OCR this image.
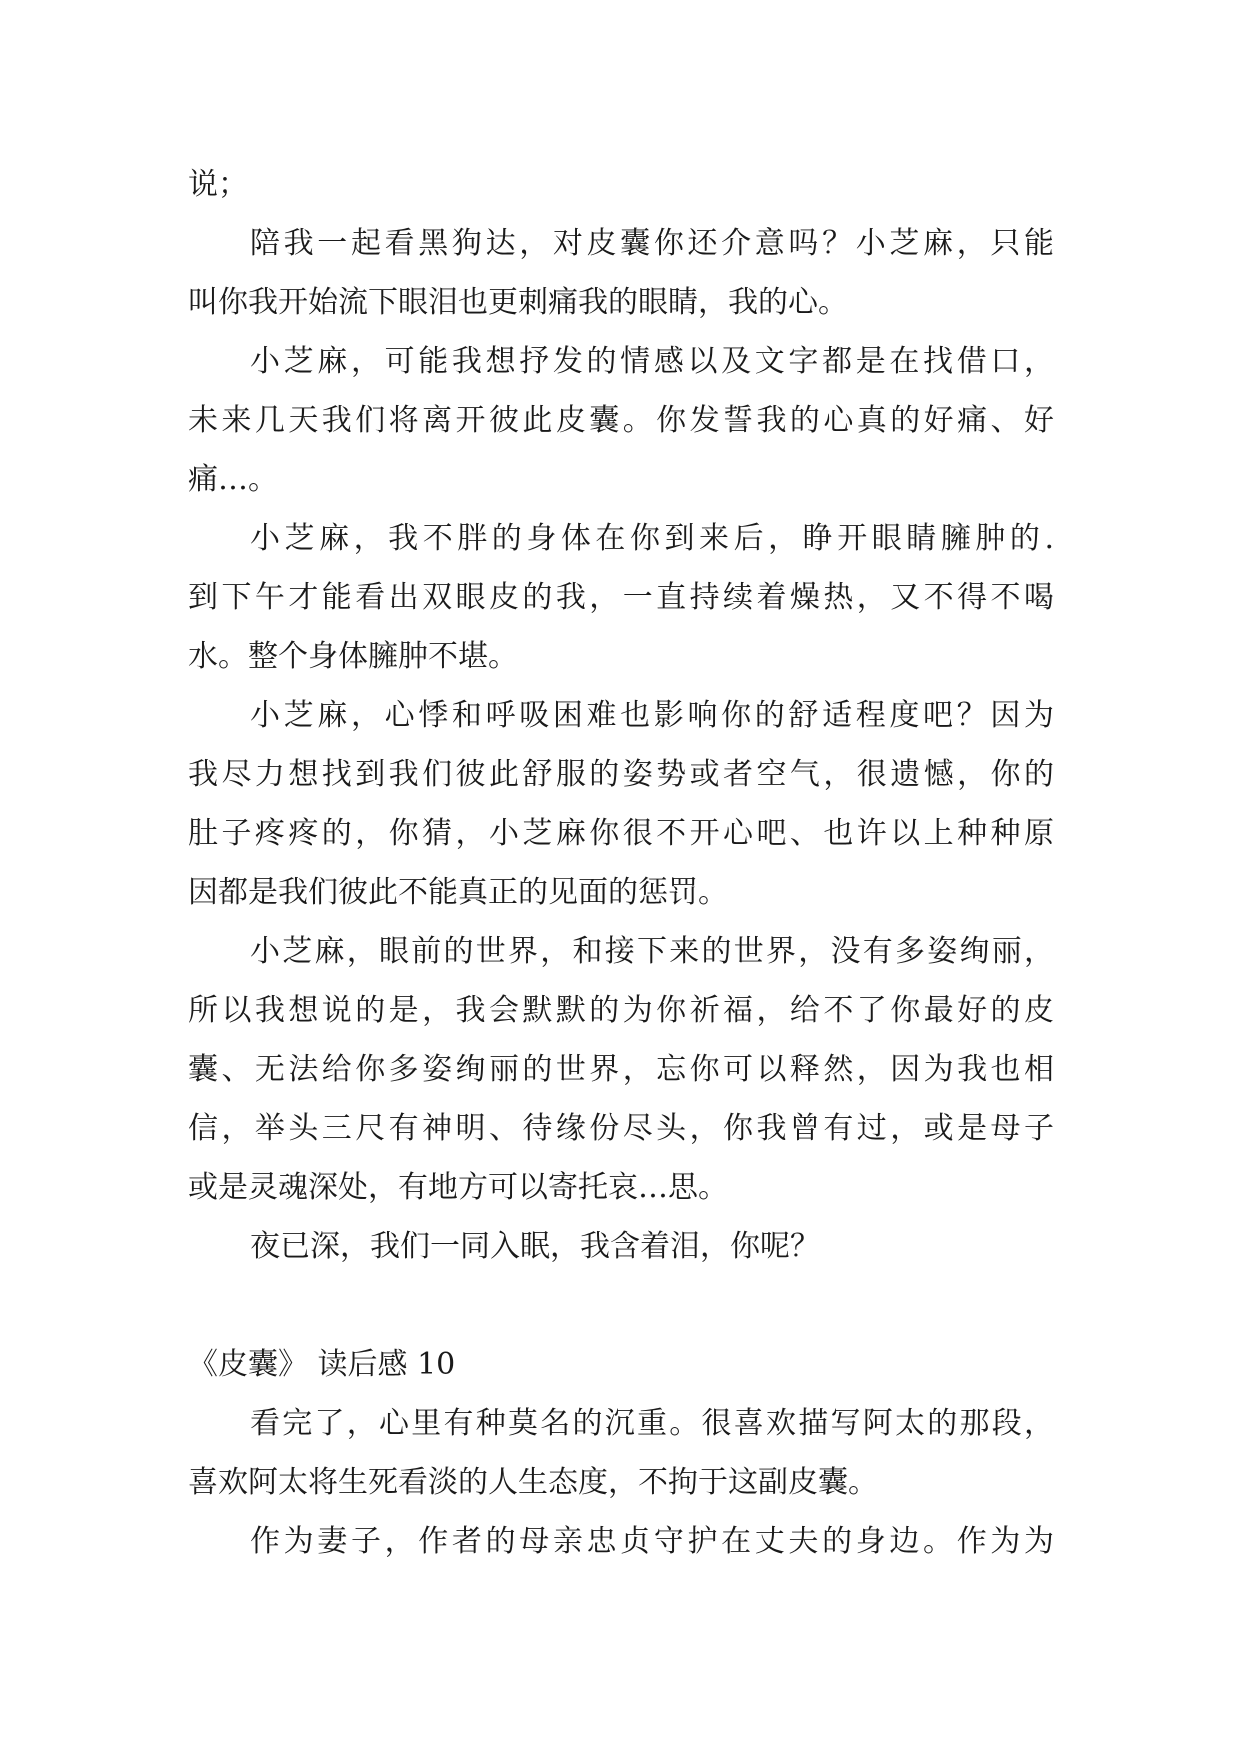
说；
陪我一起看黑狗达，对皮囊你还介意吗？小芝麻，只能
叫你我开始流下眼泪也更刺痛我的眼睛，我的心。
小芝麻，可能我想抒发的情感以及文字都是在找借口，
未来几天我们将离开彼此皮囊。你发誓我的心真的好痛、好
痛…。
小芝麻，我不胖的身体在你到来后，睁开眼睛臃肿的.
到下午才能看出双眼皮的我，一直持续着燥热，又不得不喝
水。整个身体臃肿不堪。
小芝麻，心悸和呼吸困难也影响你的舒适程度吧？因为
我尽力想找到我们彼此舒服的姿势或者空气，很遗憾，你的
肚子疼疼的，你猜，小芝麻你很不开心吧、也许以上种种原
因都是我们彼此不能真正的见面的惩罚。
小芝麻，眼前的世界，和接下来的世界，没有多姿绚丽，
所以我想说的是，我会默默的为你祈福，给不了你最好的皮
囊、无法给你多姿绚丽的世界，忘你可以释然，因为我也相
信，举头三尺有神明、待缘份尽头，你我曾有过，或是母子
或是灵魂深处，有地方可以寄托哀…思。
夜已深，我们一同入眠，我含着泪，你呢？
《皮囊》 读后感 10
看完了，心里有种莫名的沉重。很喜欢描写阿太的那段，
喜欢阿太将生死看淡的人生态度，不拘于这副皮囊。
作为妻子，作者的母亲忠贞守护在丈夫的身边。作为为
